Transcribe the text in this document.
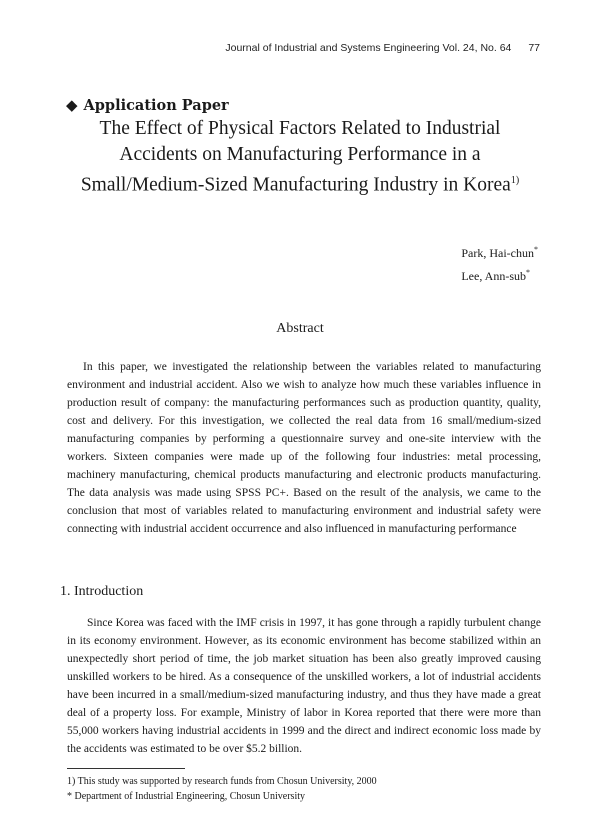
Journal of Industrial and Systems Engineering Vol. 24, No. 64 77
◆ Application Paper
The Effect of Physical Factors Related to Industrial
Accidents on Manufacturing Performance in a
Small/Medium-Sized Manufacturing Industry in Korea$^{1)}$
Park, Hai-chun*
Lee, Ann-sub*
Abstract

In this paper, we investigated the relationship between the variables related to manufacturing environment and industrial accident. Also we wish to analyze how much these variables influence in production result of company: the manufacturing performances such as production quantity, quality, cost and delivery. For this investigation, we collected the real data from 16 small/medium-sized manufacturing companies by performing a questionnaire survey and one-site interview with the workers. Sixteen companies were made up of the following four industries: metal processing, machinery manufacturing, chemical products manufacturing and electronic products manufacturing. The data analysis was made using SPSS PC+. Based on the result of the analysis, we came to the conclusion that most of variables related to manufacturing environment and industrial safety were connecting with industrial accident occurrence and also influenced in manufacturing performance

1. Introduction

Since Korea was faced with the IMF crisis in 1997, it has gone through a rapidly turbulent change in its economy environment. However, as its economic environment has become stabilized within an unexpectedly short period of time, the job market situation has been also greatly improved causing unskilled workers to be hired. As a consequence of the unskilled workers, a lot of industrial accidents have been incurred in a small/medium-sized manufacturing industry, and thus they have made a great deal of a property loss. For example, Ministry of labor in Korea reported that there were more than 55,000 workers having industrial accidents in 1999 and the direct and indirect economic loss made by the accidents was estimated to be over $5.2 billion.

1) This study was supported by research funds from Chosun University, 2000
* Department of Industrial Engineering, Chosun University
